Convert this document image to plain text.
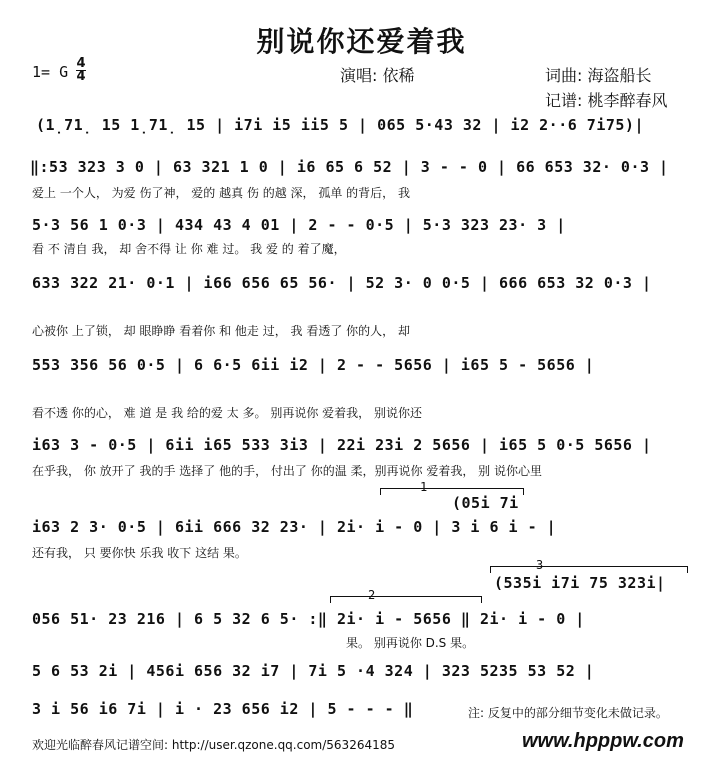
别说你还爱着我
1= G 4
4	演唱: 依稀	词曲: 海盗船长
记谱: 桃李醉春风
(1̣71̣ 15 1̣71̣ 15 | i7i i5 ii5 5 | 065 5·43 32 | i2 2··6 7i75)|
‖:53 323 3 0 | 63 321 1 0 | i6 65 6 52 | 3 - - 0 | 66 653 32· 0·3 |
爱上 一个人， 为爱 伤了神， 爱的 越真 伤 的越 深， 孤单 的背后， 我
5·3 56 1 0·3 | 434 43 4 01 | 2 - - 0·5 | 5·3 323 23· 3 |
看 不 清自 我， 却 舍不得 让 你 难 过。 我 爱 的 着了魔，
633 322 21· 0·1 | i66 656 65 56· | 52 3· 0 0·5 | 666 653 32 0·3 |
心被你 上了锁， 却 眼睁睁 看着你 和 他走 过， 我 看透了 你的人， 却
553 356 56 0·5 | 6 6·5 6ii i2 | 2 - - 5656 | i65 5 - 5656 |
看不透 你的心， 难 道 是 我 给的爱 太 多。 别再说你 爱着我， 别说你还
i63 3 - 0·5 | 6ii i65 533 3i3 | 22i 23i 2 5656 | i65 5 0·5 5656 |
在乎我， 你 放开了 我的手 选择了 他的手， 付出了 你的温 柔，别再说你 爱着我， 别 说你心里
1
(05i 7i
i63 2 3· 0·5 | 6ii 666 32 23· | 2i· i - 0 | 3 i 6 i - |
还有我， 只 要你快 乐我 收下 这结 果。
3
(535i i7i 75 323i|
2
056 51· 23 216 | 6 5 32 6 5· :‖ 2i· i - 5656 ‖ 2i· i - 0 |
果。 别再说你 D.S 果。
5 6 53 2i | 456i 656 32 i7 | 7i 5 ·4 324 | 323 5235 53 52 |
3 i 56 i6 7i | i · 23 656 i2 | 5 - - - ‖	注: 反复中的部分细节变化未做记录。
欢迎光临醉春风记谱空间: http://user.qzone.qq.com/563264185	www.hpppw.com
